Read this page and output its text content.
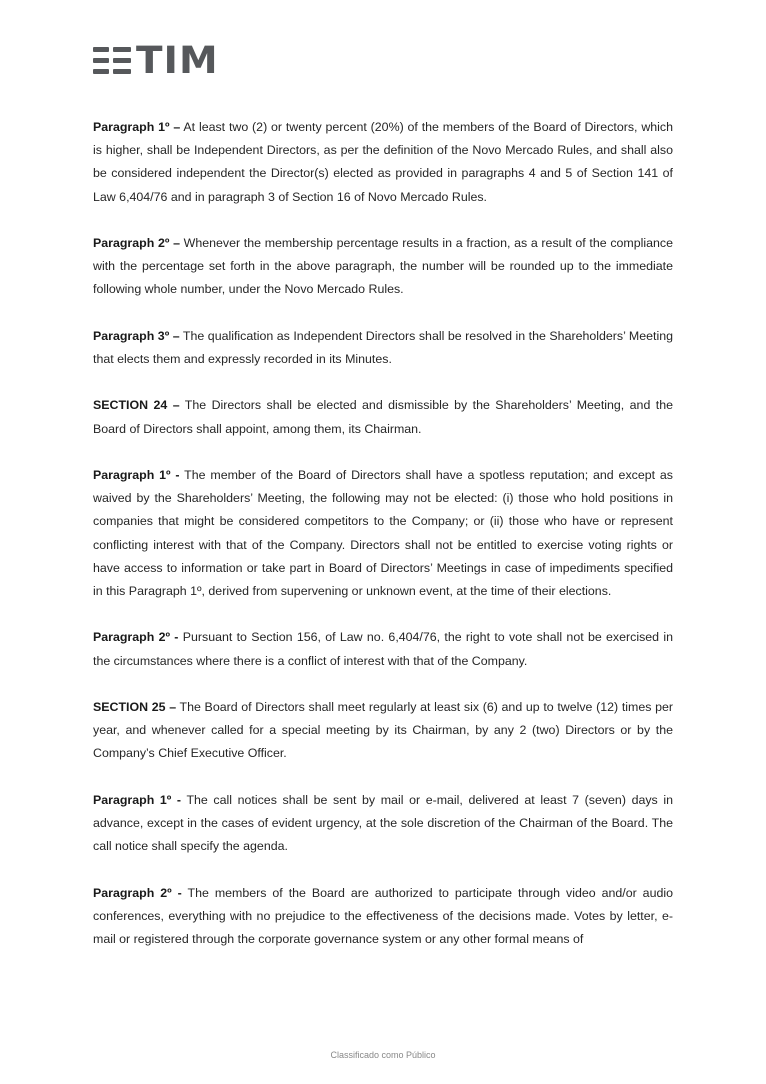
TIM

Paragraph 1º – At least two (2) or twenty percent (20%) of the members of the Board of Directors, which is higher, shall be Independent Directors, as per the definition of the Novo Mercado Rules, and shall also be considered independent the Director(s) elected as provided in paragraphs 4 and 5 of Section 141 of Law 6,404/76 and in paragraph 3 of Section 16 of Novo Mercado Rules.

Paragraph 2º – Whenever the membership percentage results in a fraction, as a result of the compliance with the percentage set forth in the above paragraph, the number will be rounded up to the immediate following whole number, under the Novo Mercado Rules.

Paragraph 3º – The qualification as Independent Directors shall be resolved in the Shareholders’ Meeting that elects them and expressly recorded in its Minutes.

SECTION 24 – The Directors shall be elected and dismissible by the Shareholders’ Meeting, and the Board of Directors shall appoint, among them, its Chairman.

Paragraph 1º - The member of the Board of Directors shall have a spotless reputation; and except as waived by the Shareholders’ Meeting, the following may not be elected: (i) those who hold positions in companies that might be considered competitors to the Company; or (ii) those who have or represent conflicting interest with that of the Company. Directors shall not be entitled to exercise voting rights or have access to information or take part in Board of Directors’ Meetings in case of impediments specified in this Paragraph 1º, derived from supervening or unknown event, at the time of their elections.

Paragraph 2º - Pursuant to Section 156, of Law no. 6,404/76, the right to vote shall not be exercised in the circumstances where there is a conflict of interest with that of the Company.

SECTION 25 – The Board of Directors shall meet regularly at least six (6) and up to twelve (12) times per year, and whenever called for a special meeting by its Chairman, by any 2 (two) Directors or by the Company’s Chief Executive Officer.

Paragraph 1º - The call notices shall be sent by mail or e-mail, delivered at least 7 (seven) days in advance, except in the cases of evident urgency, at the sole discretion of the Chairman of the Board. The call notice shall specify the agenda.

Paragraph 2º - The members of the Board are authorized to participate through video and/or audio conferences, everything with no prejudice to the effectiveness of the decisions made. Votes by letter, e-mail or registered through the corporate governance system or any other formal means of

Classificado como Público
